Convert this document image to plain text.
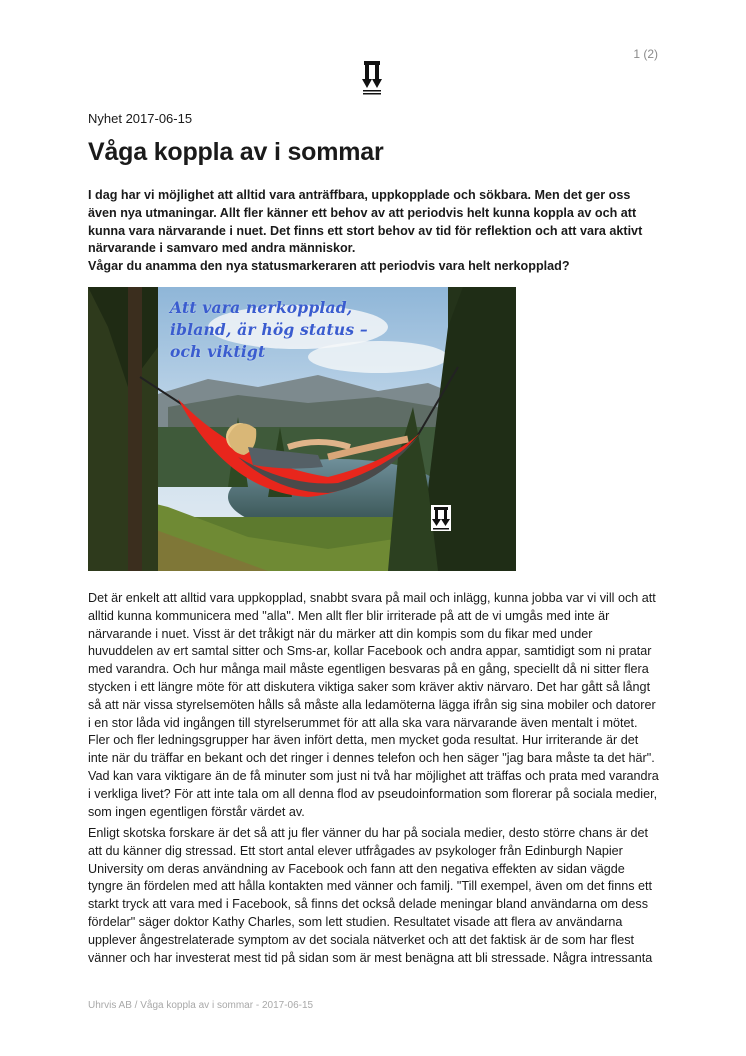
1 (2)
Nyhet 2017-06-15
Våga koppla av i sommar

I dag har vi möjlighet att alltid vara anträffbara, uppkopplade och sökbara. Men det ger oss även nya utmaningar. Allt fler känner ett behov av att periodvis helt kunna koppla av och att kunna vara närvarande i nuet. Det finns ett stort behov av tid för reflektion och att vara aktivt närvarande i samvaro med andra människor.

Vågar du anamma den nya statusmarkeraren att periodvis vara helt nerkopplad?

Att vara nerkopplad, ibland, är hög status – och viktigt

Det är enkelt att alltid vara uppkopplad, snabbt svara på mail och inlägg, kunna jobba var vi vill och att alltid kunna kommunicera med "alla". Men allt fler blir irriterade på att de vi umgås med inte är närvarande i nuet. Visst är det tråkigt när du märker att din kompis som du fikar med under huvuddelen av ert samtal sitter och Sms-ar, kollar Facebook och andra appar, samtidigt som ni pratar med varandra. Och hur många mail måste egentligen besvaras på en gång, speciellt då ni sitter flera stycken i ett längre möte för att diskutera viktiga saker som kräver aktiv närvaro. Det har gått så långt så att när vissa styrelsemöten hålls så måste alla ledamöterna lägga ifrån sig sina mobiler och datorer i en stor låda vid ingången till styrelserummet för att alla ska vara närvarande även mentalt i mötet. Fler och fler ledningsgrupper har även infört detta, men mycket goda resultat. Hur irriterande är det inte när du träffar en bekant och det ringer i dennes telefon och hen säger "jag bara måste ta det här". Vad kan vara viktigare än de få minuter som just ni två har möjlighet att träffas och prata med varandra i verkliga livet? För att inte tala om all denna flod av pseudoinformation som florerar på sociala medier, som ingen egentligen förstår värdet av.

Enligt skotska forskare är det så att ju fler vänner du har på sociala medier, desto större chans är det att du känner dig stressad. Ett stort antal elever utfrågades av psykologer från Edinburgh Napier University om deras användning av Facebook och fann att den negativa effekten av sidan vägde tyngre än fördelen med att hålla kontakten med vänner och familj. "Till exempel, även om det finns ett starkt tryck att vara med i Facebook, så finns det också delade meningar bland användarna om dess fördelar" säger doktor Kathy Charles, som lett studien. Resultatet visade att flera av användarna upplever ångestrelaterade symptom av det sociala nätverket och att det faktisk är de som har flest vänner och har investerat mest tid på sidan som är mest benägna att bli stressade. Några intressanta

Uhrvis AB / Våga koppla av i sommar - 2017-06-15
